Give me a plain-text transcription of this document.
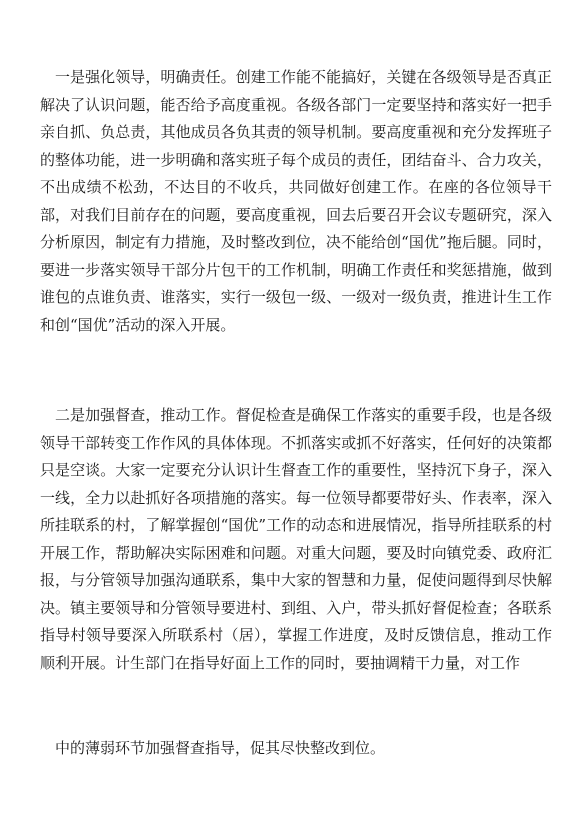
一是强化领导，明确责任。创建工作能不能搞好，关键在各级领导是否真正解决了认识问题，能否给予高度重视。各级各部门一定要坚持和落实好一把手亲自抓、负总责，其他成员各负其责的领导机制。要高度重视和充分发挥班子的整体功能，进一步明确和落实班子每个成员的责任，团结奋斗、合力攻关，不出成绩不松劲，不达目的不收兵，共同做好创建工作。在座的各位领导干部，对我们目前存在的问题，要高度重视，回去后要召开会议专题研究，深入分析原因，制定有力措施，及时整改到位，决不能给创“国优”拖后腿。同时，要进一步落实领导干部分片包干的工作机制，明确工作责任和奖惩措施，做到谁包的点谁负责、谁落实，实行一级包一级、一级对一级负责，推进计生工作和创“国优”活动的深入开展。

二是加强督查，推动工作。督促检查是确保工作落实的重要手段，也是各级领导干部转变工作作风的具体体现。不抓落实或抓不好落实，任何好的决策都只是空谈。大家一定要充分认识计生督查工作的重要性，坚持沉下身子，深入一线，全力以赴抓好各项措施的落实。每一位领导都要带好头、作表率，深入所挂联系的村，了解掌握创“国优”工作的动态和进展情况，指导所挂联系的村开展工作，帮助解决实际困难和问题。对重大问题，要及时向镇党委、政府汇报，与分管领导加强沟通联系，集中大家的智慧和力量，促使问题得到尽快解决。镇主要领导和分管领导要进村、到组、入户，带头抓好督促检查；各联系指导村领导要深入所联系村（居），掌握工作进度，及时反馈信息，推动工作顺利开展。计生部门在指导好面上工作的同时，要抽调精干力量，对工作

中的薄弱环节加强督查指导，促其尽快整改到位。
